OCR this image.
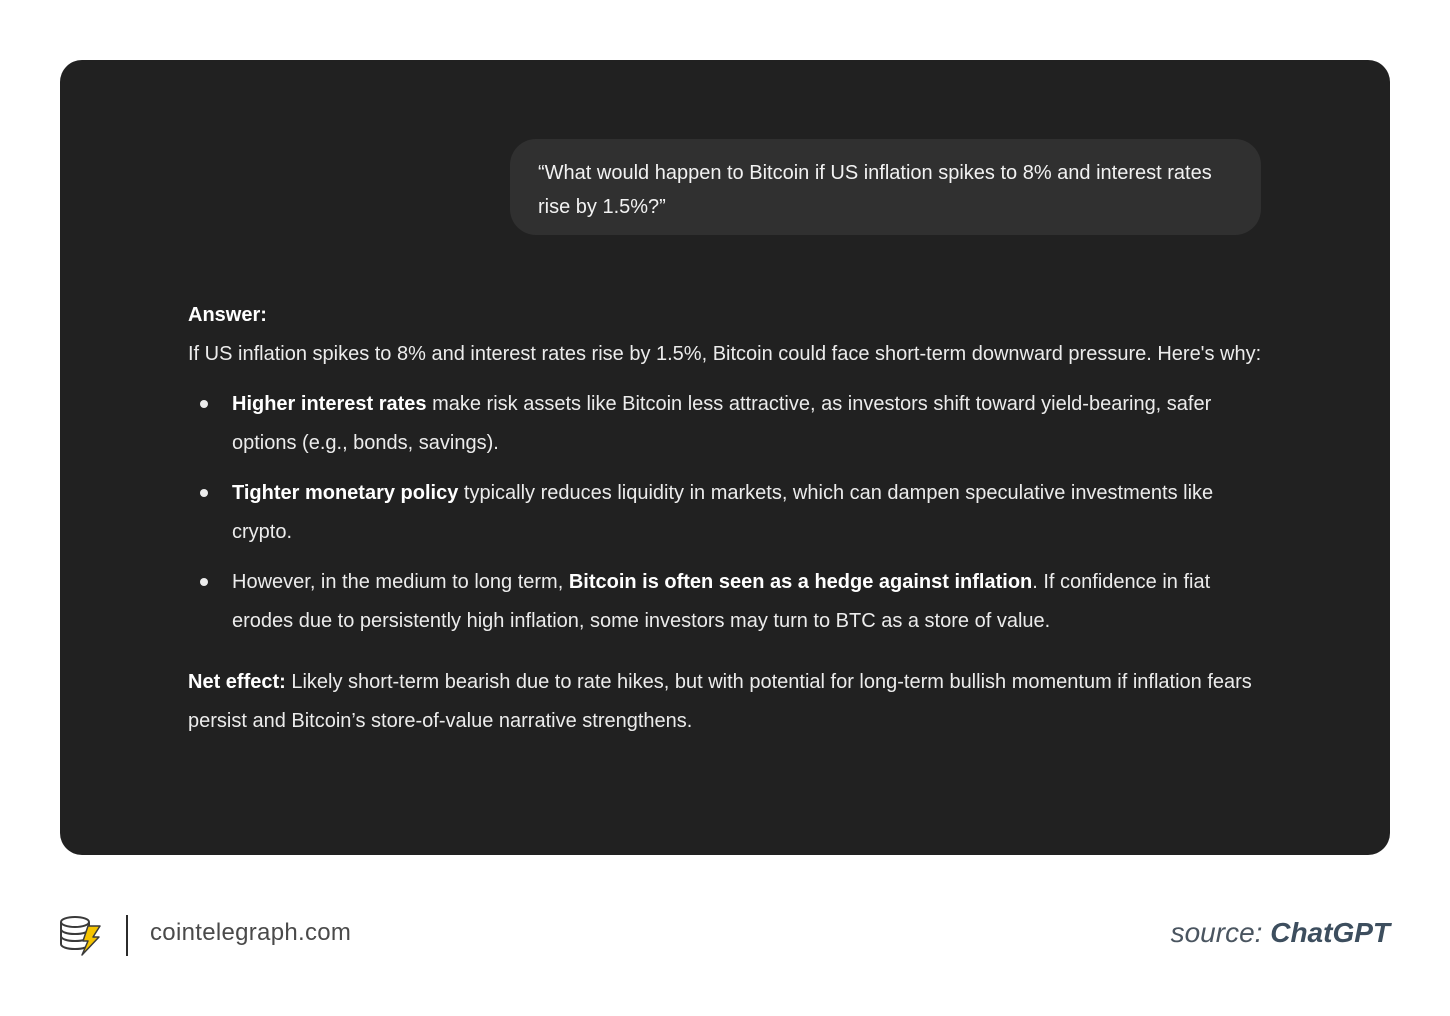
“What would happen to Bitcoin if US inflation spikes to 8% and interest rates rise by 1.5%?”

Answer:

If US inflation spikes to 8% and interest rates rise by 1.5%, Bitcoin could face short-term downward pressure. Here's why:

Higher interest rates make risk assets like Bitcoin less attractive, as investors shift toward yield-bearing, safer options (e.g., bonds, savings).
Tighter monetary policy typically reduces liquidity in markets, which can dampen speculative investments like crypto.
However, in the medium to long term, Bitcoin is often seen as a hedge against inflation. If confidence in fiat erodes due to persistently high inflation, some investors may turn to BTC as a store of value.

Net effect: Likely short-term bearish due to rate hikes, but with potential for long-term bullish momentum if inflation fears persist and Bitcoin’s store-of-value narrative strengthens.

cointelegraph.com	source: ChatGPT
